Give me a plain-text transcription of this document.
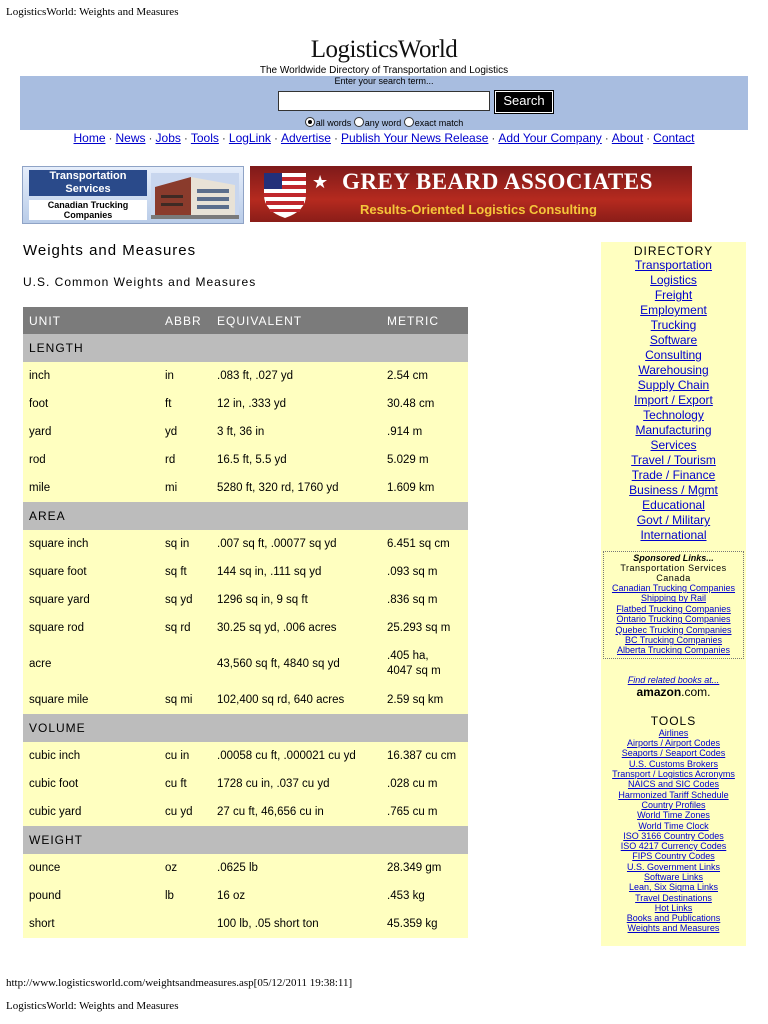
LogisticsWorld: Weights and Measures
LogisticsWorld
The Worldwide Directory of Transportation and Logistics
Enter your search term...
Search
all words any word exact match
Home · News · Jobs · Tools · LogLink · Advertise · Publish Your News Release · Add Your Company · About · Contact
Transportation Services
Canadian Trucking Companies
★ GREY BEARD ASSOCIATES
Results-Oriented Logistics Consulting
Weights and Measures
U.S. Common Weights and Measures
UNIT	ABBR	EQUIVALENT	METRIC
LENGTH			
inch	in	.083 ft, .027 yd	2.54 cm
foot	ft	12 in, .333 yd	30.48 cm
yard	yd	3 ft, 36 in	.914 m
rod	rd	16.5 ft, 5.5 yd	5.029 m
mile	mi	5280 ft, 320 rd, 1760 yd	1.609 km
AREA			
square inch	sq in	.007 sq ft, .00077 sq yd	6.451 sq cm
square foot	sq ft	144 sq in, .111 sq yd	.093 sq m
square yard	sq yd	1296 sq in, 9 sq ft	.836 sq m
square rod	sq rd	30.25 sq yd, .006 acres	25.293 sq m
acre		43,560 sq ft, 4840 sq yd	.405 ha,
4047 sq m
square mile	sq mi	102,400 sq rd, 640 acres	2.59 sq km
VOLUME			
cubic inch	cu in	.00058 cu ft, .000021 cu yd	16.387 cu cm
cubic foot	cu ft	1728 cu in, .037 cu yd	.028 cu m
cubic yard	cu yd	27 cu ft, 46,656 cu in	.765 cu m
WEIGHT			
ounce	oz	.0625 lb	28.349 gm
pound	lb	16 oz	.453 kg
short		100 lb, .05 short ton	45.359 kg
DIRECTORY
Transportation
Logistics
Freight
Employment
Trucking
Software
Consulting
Warehousing
Supply Chain
Import / Export
Technology
Manufacturing
Services
Travel / Tourism
Trade / Finance
Business / Mgmt
Educational
Govt / Military
International
Sponsored Links...
Transportation Services Canada
Canadian Trucking Companies
Shipping by Rail
Flatbed Trucking Companies
Ontario Trucking Companies
Quebec Trucking Companies
BC Trucking Companies
Alberta Trucking Companies
Find related books at...
amazon.com.
TOOLS
Airlines
Airports / Airport Codes
Seaports / Seaport Codes
U.S. Customs Brokers
Transport / Logistics Acronyms
NAICS and SIC Codes
Harmonized Tariff Schedule
Country Profiles
World Time Zones
World Time Clock
ISO 3166 Country Codes
ISO 4217 Currency Codes
FIPS Country Codes
U.S. Government Links
Software Links
Lean, Six Sigma Links
Travel Destinations
Hot Links
Books and Publications
Weights and Measures
http://www.logisticsworld.com/weightsandmeasures.asp[05/12/2011 19:38:11]
LogisticsWorld: Weights and Measures
